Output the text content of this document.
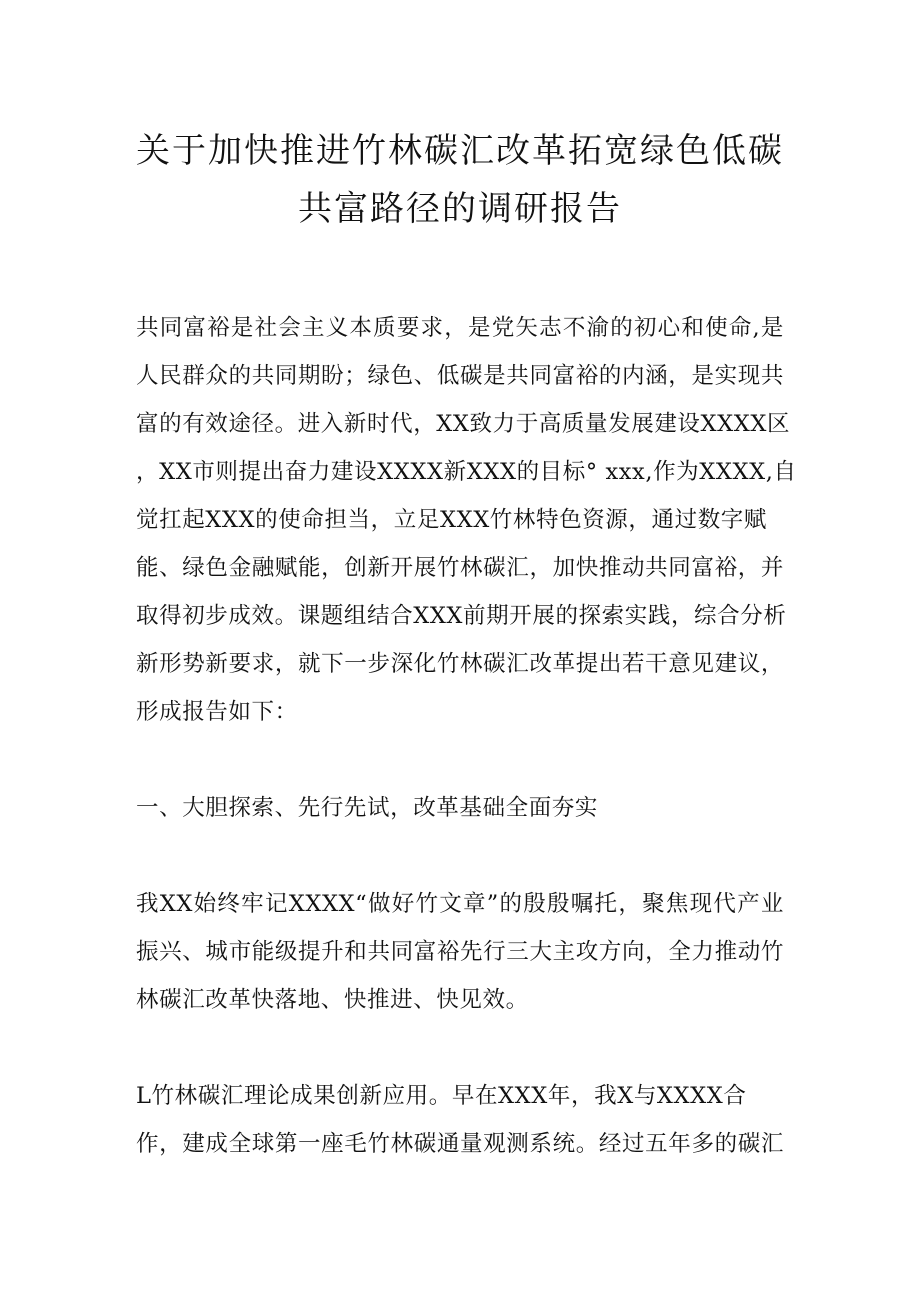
关于加快推进竹林碳汇改革拓宽绿色低碳
共富路径的调研报告
共同富裕是社会主义本质要求，是党矢志不渝的初心和使命,是
人民群众的共同期盼；绿色、低碳是共同富裕的内涵，是实现共
富的有效途径。进入新时代，XX致力于高质量发展建设XXXX区
，XX市则提出奋力建设XXXX新XXX的目标° xxx,作为XXXX,自
觉扛起XXX的使命担当，立足XXX竹林特色资源，通过数字赋
能、绿色金融赋能，创新开展竹林碳汇，加快推动共同富裕，并
取得初步成效。课题组结合XXX前期开展的探索实践，综合分析
新形势新要求，就下一步深化竹林碳汇改革提出若干意见建议，
形成报告如下：
一、大胆探索、先行先试，改革基础全面夯实
我XX始终牢记XXXX“做好竹文章”的殷殷嘱托，聚焦现代产业
振兴、城市能级提升和共同富裕先行三大主攻方向，全力推动竹
林碳汇改革快落地、快推进、快见效。
L竹林碳汇理论成果创新应用。早在XXX年，我X与XXXX合
作，建成全球第一座毛竹林碳通量观测系统。经过五年多的碳汇
